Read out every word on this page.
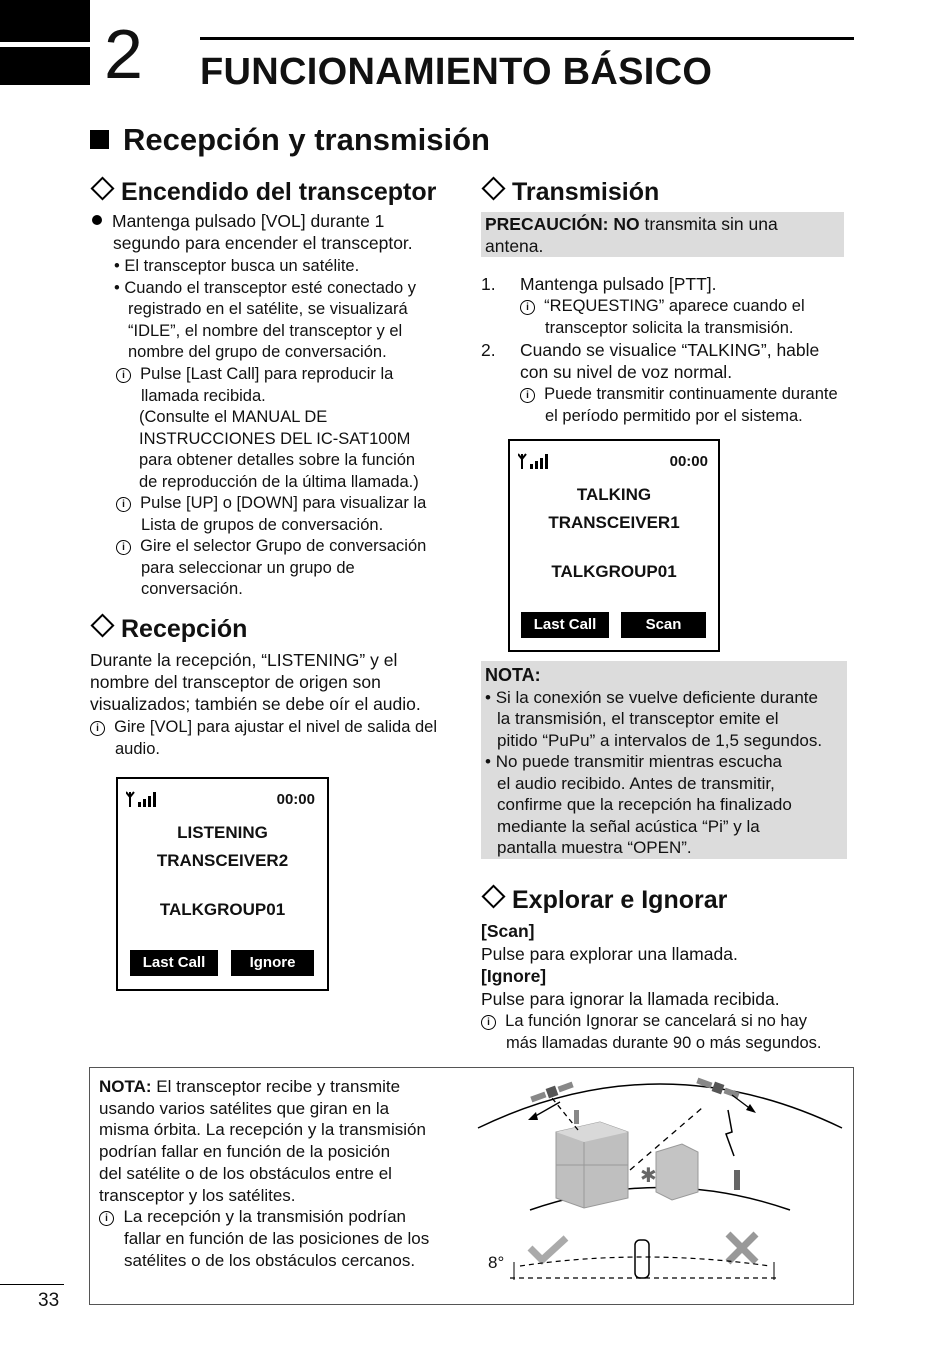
2 FUNCIONAMIENTO BÁSICO
Recepción y transmisión
Encendido del transceptor
Mantenga pulsado [VOL] durante 1
segundo para encender el transceptor.
• El transceptor busca un satélite.
• Cuando el transceptor esté conectado y
registrado en el satélite, se visualizará
“IDLE”, el nombre del transceptor y el
nombre del grupo de conversación.
i Pulse [Last Call] para reproducir la
llamada recibida.
(Consulte el MANUAL DE
INSTRUCCIONES DEL IC-SAT100M
para obtener detalles sobre la función
de reproducción de la última llamada.)
i Pulse [UP] o [DOWN] para visualizar la
Lista de grupos de conversación.
i Gire el selector Grupo de conversación
para seleccionar un grupo de
conversación.
Recepción
Durante la recepción, “LISTENING” y el
nombre del transceptor de origen son
visualizados; también se debe oír el audio.
i Gire [VOL] para ajustar el nivel de salida del
audio.
00:00
LISTENING
TRANSCEIVER2
TALKGROUP01
Last Call	Ignore
Transmisión
PRECAUCIÓN: NO transmita sin una
antena.
1. Mantenga pulsado [PTT].
i “REQUESTING” aparece cuando el
transceptor solicita la transmisión.
2. Cuando se visualice “TALKING”, hable
con su nivel de voz normal.
i Puede transmitir continuamente durante
el período permitido por el sistema.
00:00
TALKING
TRANSCEIVER1
TALKGROUP01
Last Call	Scan
NOTA:
• Si la conexión se vuelve deficiente durante
la transmisión, el transceptor emite el
pitido “PuPu” a intervalos de 1,5 segundos.
• No puede transmitir mientras escucha
el audio recibido. Antes de transmitir,
confirme que la recepción ha finalizado
mediante la señal acústica “Pi” y la
pantalla muestra “OPEN”.
Explorar e Ignorar
[Scan]
Pulse para explorar una llamada.
[Ignore]
Pulse para ignorar la llamada recibida.
i La función Ignorar se cancelará si no hay
más llamadas durante 90 o más segundos.
NOTA: El transceptor recibe y transmite
usando varios satélites que giran en la
misma órbita. La recepción y la transmisión
podrían fallar en función de la posición
del satélite o de los obstáculos entre el
transceptor y los satélites.
i La recepción y la transmisión podrían
fallar en función de las posiciones de los
satélites o de los obstáculos cercanos.
✱
8°
33
